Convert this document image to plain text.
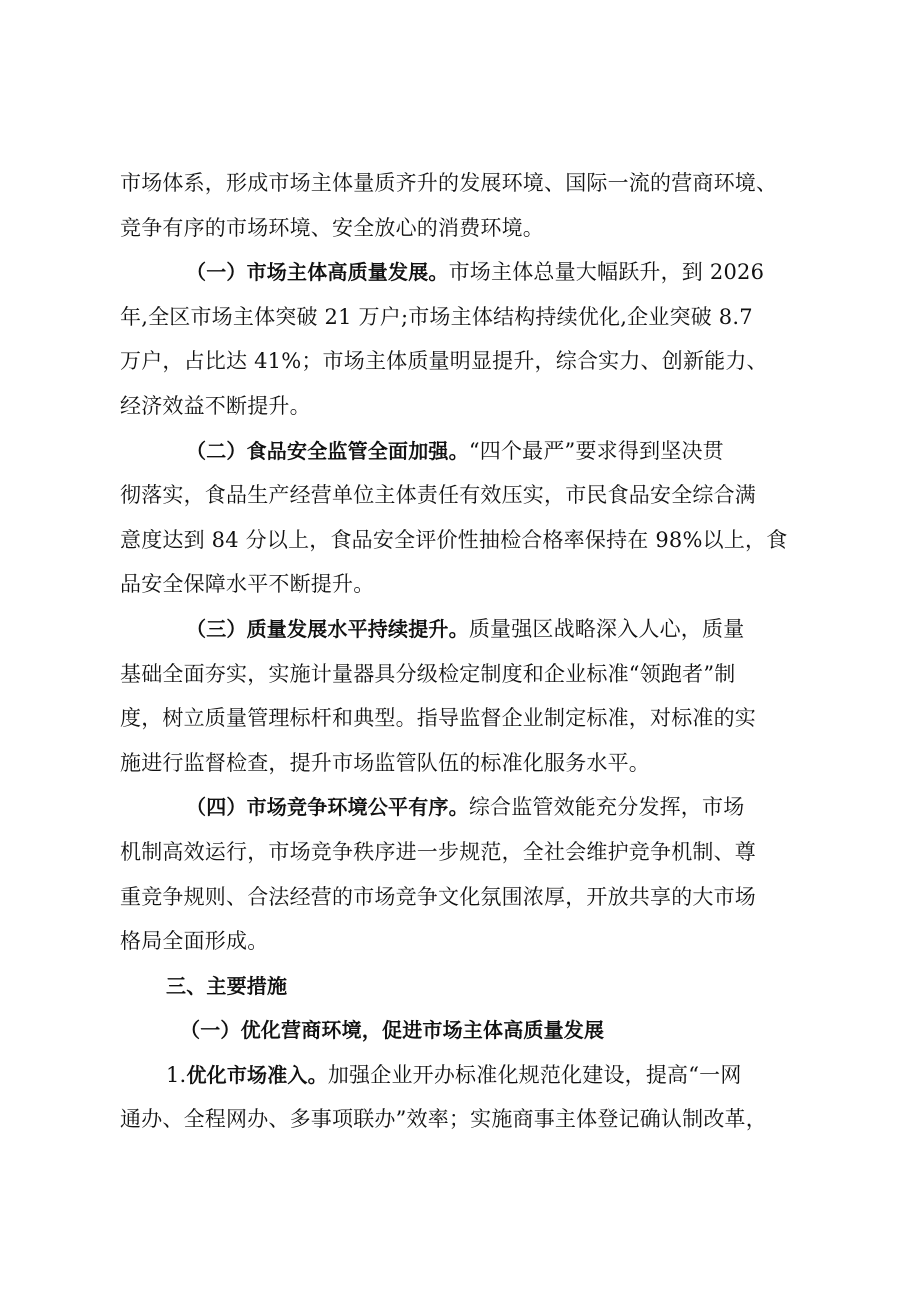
市场体系，形成市场主体量质齐升的发展环境、国际一流的营商环境、
竞争有序的市场环境、安全放心的消费环境。
（一）市场主体高质量发展。市场主体总量大幅跃升，到 2026
年,全区市场主体突破 21 万户;市场主体结构持续优化,企业突破 8.7
万户，占比达 41%；市场主体质量明显提升，综合实力、创新能力、
经济效益不断提升。
（二）食品安全监管全面加强。“四个最严”要求得到坚决贯
彻落实，食品生产经营单位主体责任有效压实，市民食品安全综合满
意度达到 84 分以上，食品安全评价性抽检合格率保持在 98%以上，食
品安全保障水平不断提升。
（三）质量发展水平持续提升。质量强区战略深入人心，质量
基础全面夯实，实施计量器具分级检定制度和企业标准“领跑者”制
度，树立质量管理标杆和典型。指导监督企业制定标准，对标准的实
施进行监督检查，提升市场监管队伍的标准化服务水平。
（四）市场竞争环境公平有序。综合监管效能充分发挥，市场
机制高效运行，市场竞争秩序进一步规范，全社会维护竞争机制、尊
重竞争规则、合法经营的市场竞争文化氛围浓厚，开放共享的大市场
格局全面形成。
三、主要措施
（一）优化营商环境，促进市场主体高质量发展
1.优化市场准入。加强企业开办标准化规范化建设，提高“一网
通办、全程网办、多事项联办”效率；实施商事主体登记确认制改革，
